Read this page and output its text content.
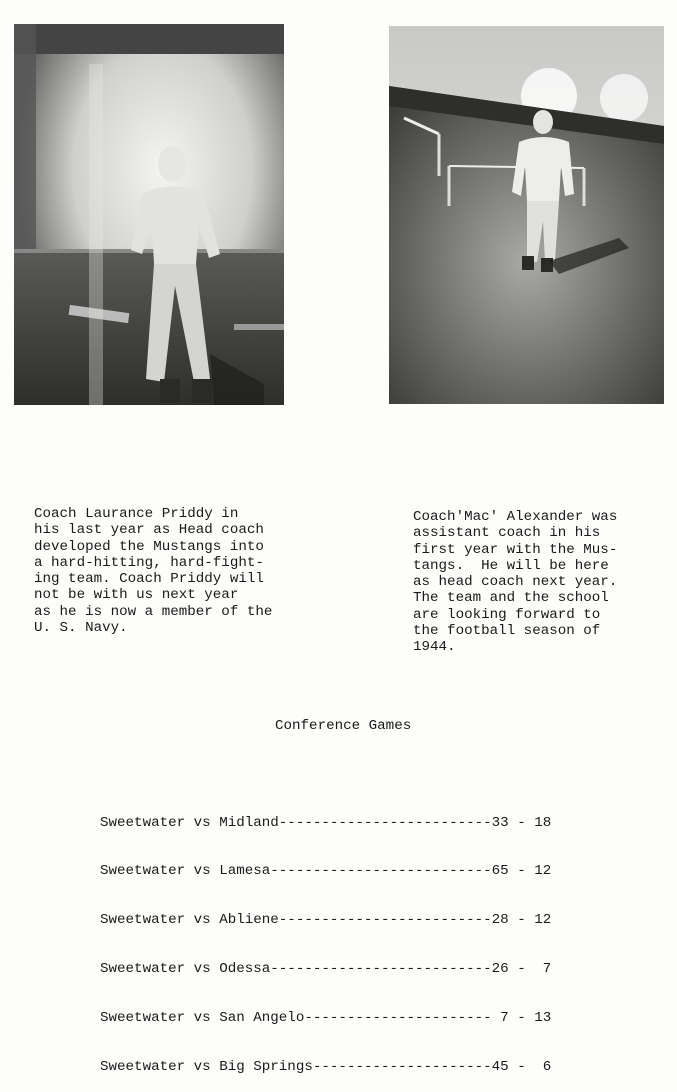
Coach Laurance Priddy in
his last year as Head coach
developed the Mustangs into
a hard-hitting, hard-fight-
ing team. Coach Priddy will
not be with us next year
as he is now a member of the
U. S. Navy.
Coach'Mac' Alexander was
assistant coach in his
first year with the Mus-
tangs.  He will be here
as head coach next year.
The team and the school
are looking forward to
the football season of
1944.
Conference Games

Sweetwater vs Midland ------------------------- 33 - 18

Sweetwater vs Lamesa -------------------------- 65 - 12

Sweetwater vs Abliene ------------------------- 28 - 12

Sweetwater vs Odessa -------------------------- 26 -  7

Sweetwater vs San Angelo ---------------------- 7 - 13

Sweetwater vs Big Springs --------------------- 45 -  6
